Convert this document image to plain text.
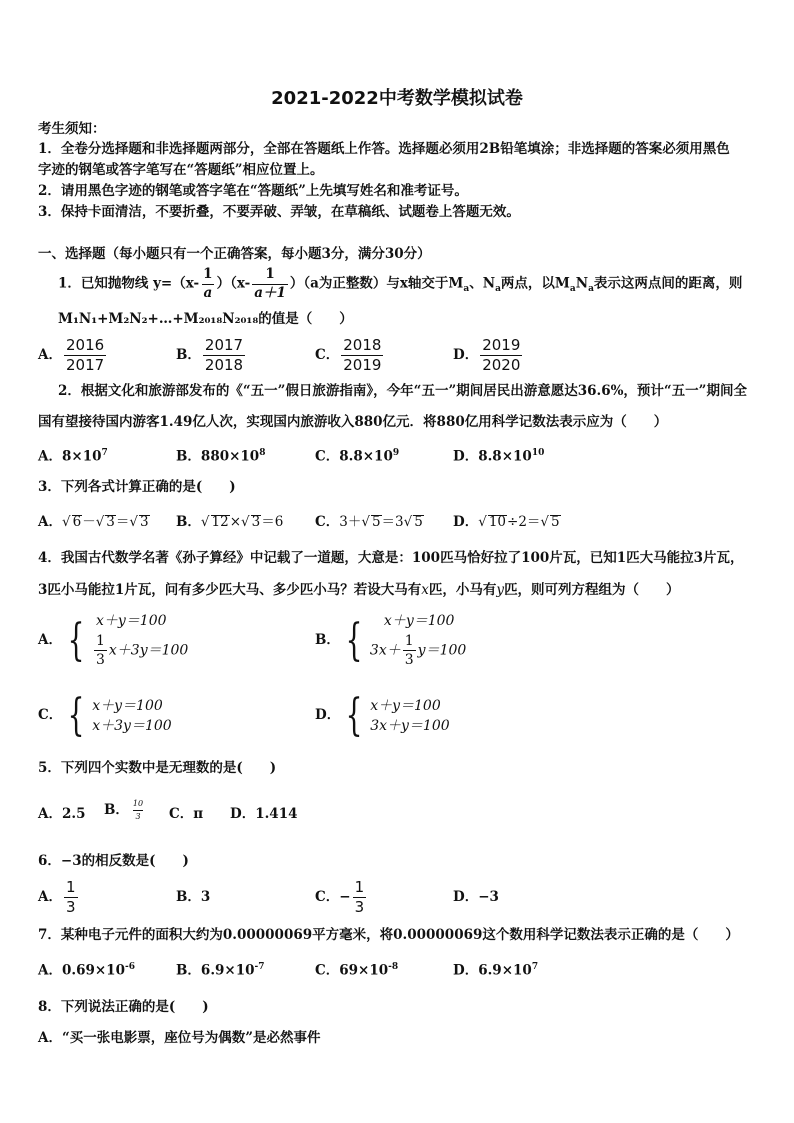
2021-2022中考数学模拟试卷
考生须知：
1．全卷分选择题和非选择题两部分，全部在答题纸上作答。选择题必须用2B铅笔填涂；非选择题的答案必须用黑色
字迹的钢笔或答字笔写在“答题纸”相应位置上。
2．请用黑色字迹的钢笔或答字笔在“答题纸”上先填写姓名和准考证号。
3．保持卡面清洁，不要折叠，不要弄破、弄皱，在草稿纸、试题卷上答题无效。
一、选择题（每小题只有一个正确答案，每小题3分，满分30分）
1．已知抛物线 $y=(x- \frac{1}{a} )(x- \frac{1}{a+1} )(a$为正整数）与x轴交于$M_a$、$N_a$两点，以$M_aN_a$表示这两点间的距离，则
M₁N₁+M₂N₂+…+M₂₀₁₈N₂₀₁₈的值是（　　）
A． $\frac{2016}{2017}$	B． $\frac{2017}{2018}$	C． $\frac{2018}{2019}$	D． $\frac{2019}{2020}$
2．根据文化和旅游部发布的《“五一”假日旅游指南》，今年“五一”期间居民出游意愿达36.6%，预计“五一”期间全
国有望接待国内游客1.49亿人次，实现国内旅游收入880亿元．将880亿用科学记数法表示应为（　　）
A．$8\times 10^7$	B．$880\times 10^8$	C．$8.8\times 10^9$	D．$8.8\times 10^{10}$
3．下列各式计算正确的是(　　)
A．√ 6－√ 3＝√ 3 B．√ 12×√ 3＝6 C．3＋√ 5＝3√ 5 D．√ 10÷2＝√ 5
4．我国古代数学名著《孙子算经》中记载了一道题，大意是：100匹马恰好拉了100片瓦，已知1匹大马能拉3片瓦，
3匹小马能拉1片瓦，问有多少匹大马、多少匹小马？若设大马有x匹，小马有y匹，则可列方程组为（　　）
A． { x＋y＝100
$\frac{1}{3} x+3y=100$
B． {	x＋y＝100
$3x+ \frac{1}{3} y=100$
C． { x＋y＝100
x＋3y＝100
D． { x＋y＝100
3x＋y＝100
5．下列四个实数中是无理数的是(　　)
A．2.5 B． $\frac{10}{3}$ C．π D．1.414
6．−3的相反数是(　　)
A． $\frac{1}{3}$	B．3	C．− $\frac{1}{3}$	D．−3
7．某种电子元件的面积大约为0.00000069平方毫米，将0.00000069这个数用科学记数法表示正确的是（　　）
A．$0.69\times 10^{-6}$	B．$6.9\times 10^{-7}$	C．$69\times 10^{-8}$	D．$6.9\times 10^7$
8．下列说法正确的是(　　)
A．“买一张电影票，座位号为偶数”是必然事件
